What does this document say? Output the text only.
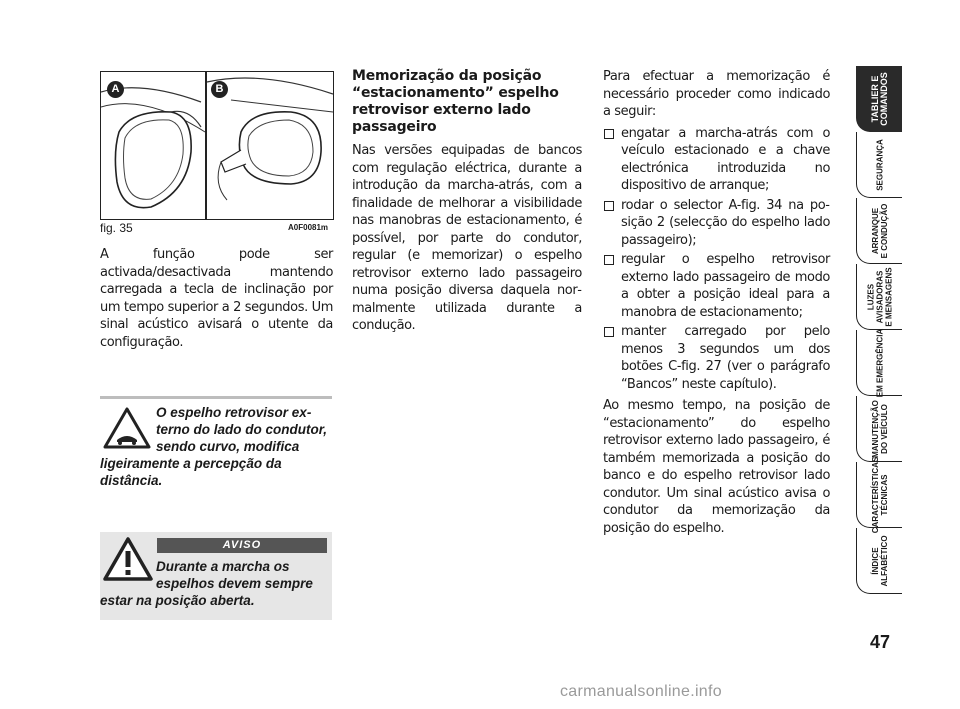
A	B
fig. 35	A0F0081m
A função pode ser activada/desactivada mantendo carregada a tecla de inclinação por um tempo superior a 2 segundos. Um sinal acústico avisará o utente da configuração.
O espelho retrovisor externo do lado do condutor, sendo curvo, modifica ligeiramente a percepção da distância.
AVISO
Durante a marcha os espelhos devem sempre estar na posição aberta.
Memorização da posição “estacionamento” espelho retrovisor externo lado passageiro
Nas versões equipadas de bancos com regulação eléctrica, durante a introdução da marcha-atrás, com a finalidade de melhorar a visibilidade nas manobras de estacionamento, é possível, por parte do condutor, regular (e memorizar) o espelho retrovisor externo lado passageiro numa posição diversa daquela normalmente utilizada durante a condução.
Para efectuar a memorização é necessário proceder como indicado a seguir:
engatar a marcha-atrás com o veículo estacionado e a chave electrónica introduzida no dispositivo de arranque;
rodar o selector A-fig. 34 na posição 2 (selecção do espelho lado passageiro);
regular o espelho retrovisor externo lado passageiro de modo a obter a posição ideal para a manobra de estacionamento;
manter carregado por pelo menos 3 segundos um dos botões C-fig. 27 (ver o parágrafo “Bancos” neste capítulo).
Ao mesmo tempo, na posição de “estacionamento” do espelho retrovisor externo lado passageiro, é também memorizada a posição do banco e do espelho retrovisor lado condutor. Um sinal acústico avisa o condutor da memorização da posição do espelho.
TABLIER E
COMANDOS
SEGURANÇA
ARRANQUE
E CONDUÇÃO
LUZES
AVISADORAS
E MENSAGENS
EM EMERGÊNCIA
MANUTENÇÃO
DO VEÍCULO
CARACTERÍSTICAS
TÉCNICAS
ÍNDICE
ALFABÉTICO
47
carmanualsonline.info
